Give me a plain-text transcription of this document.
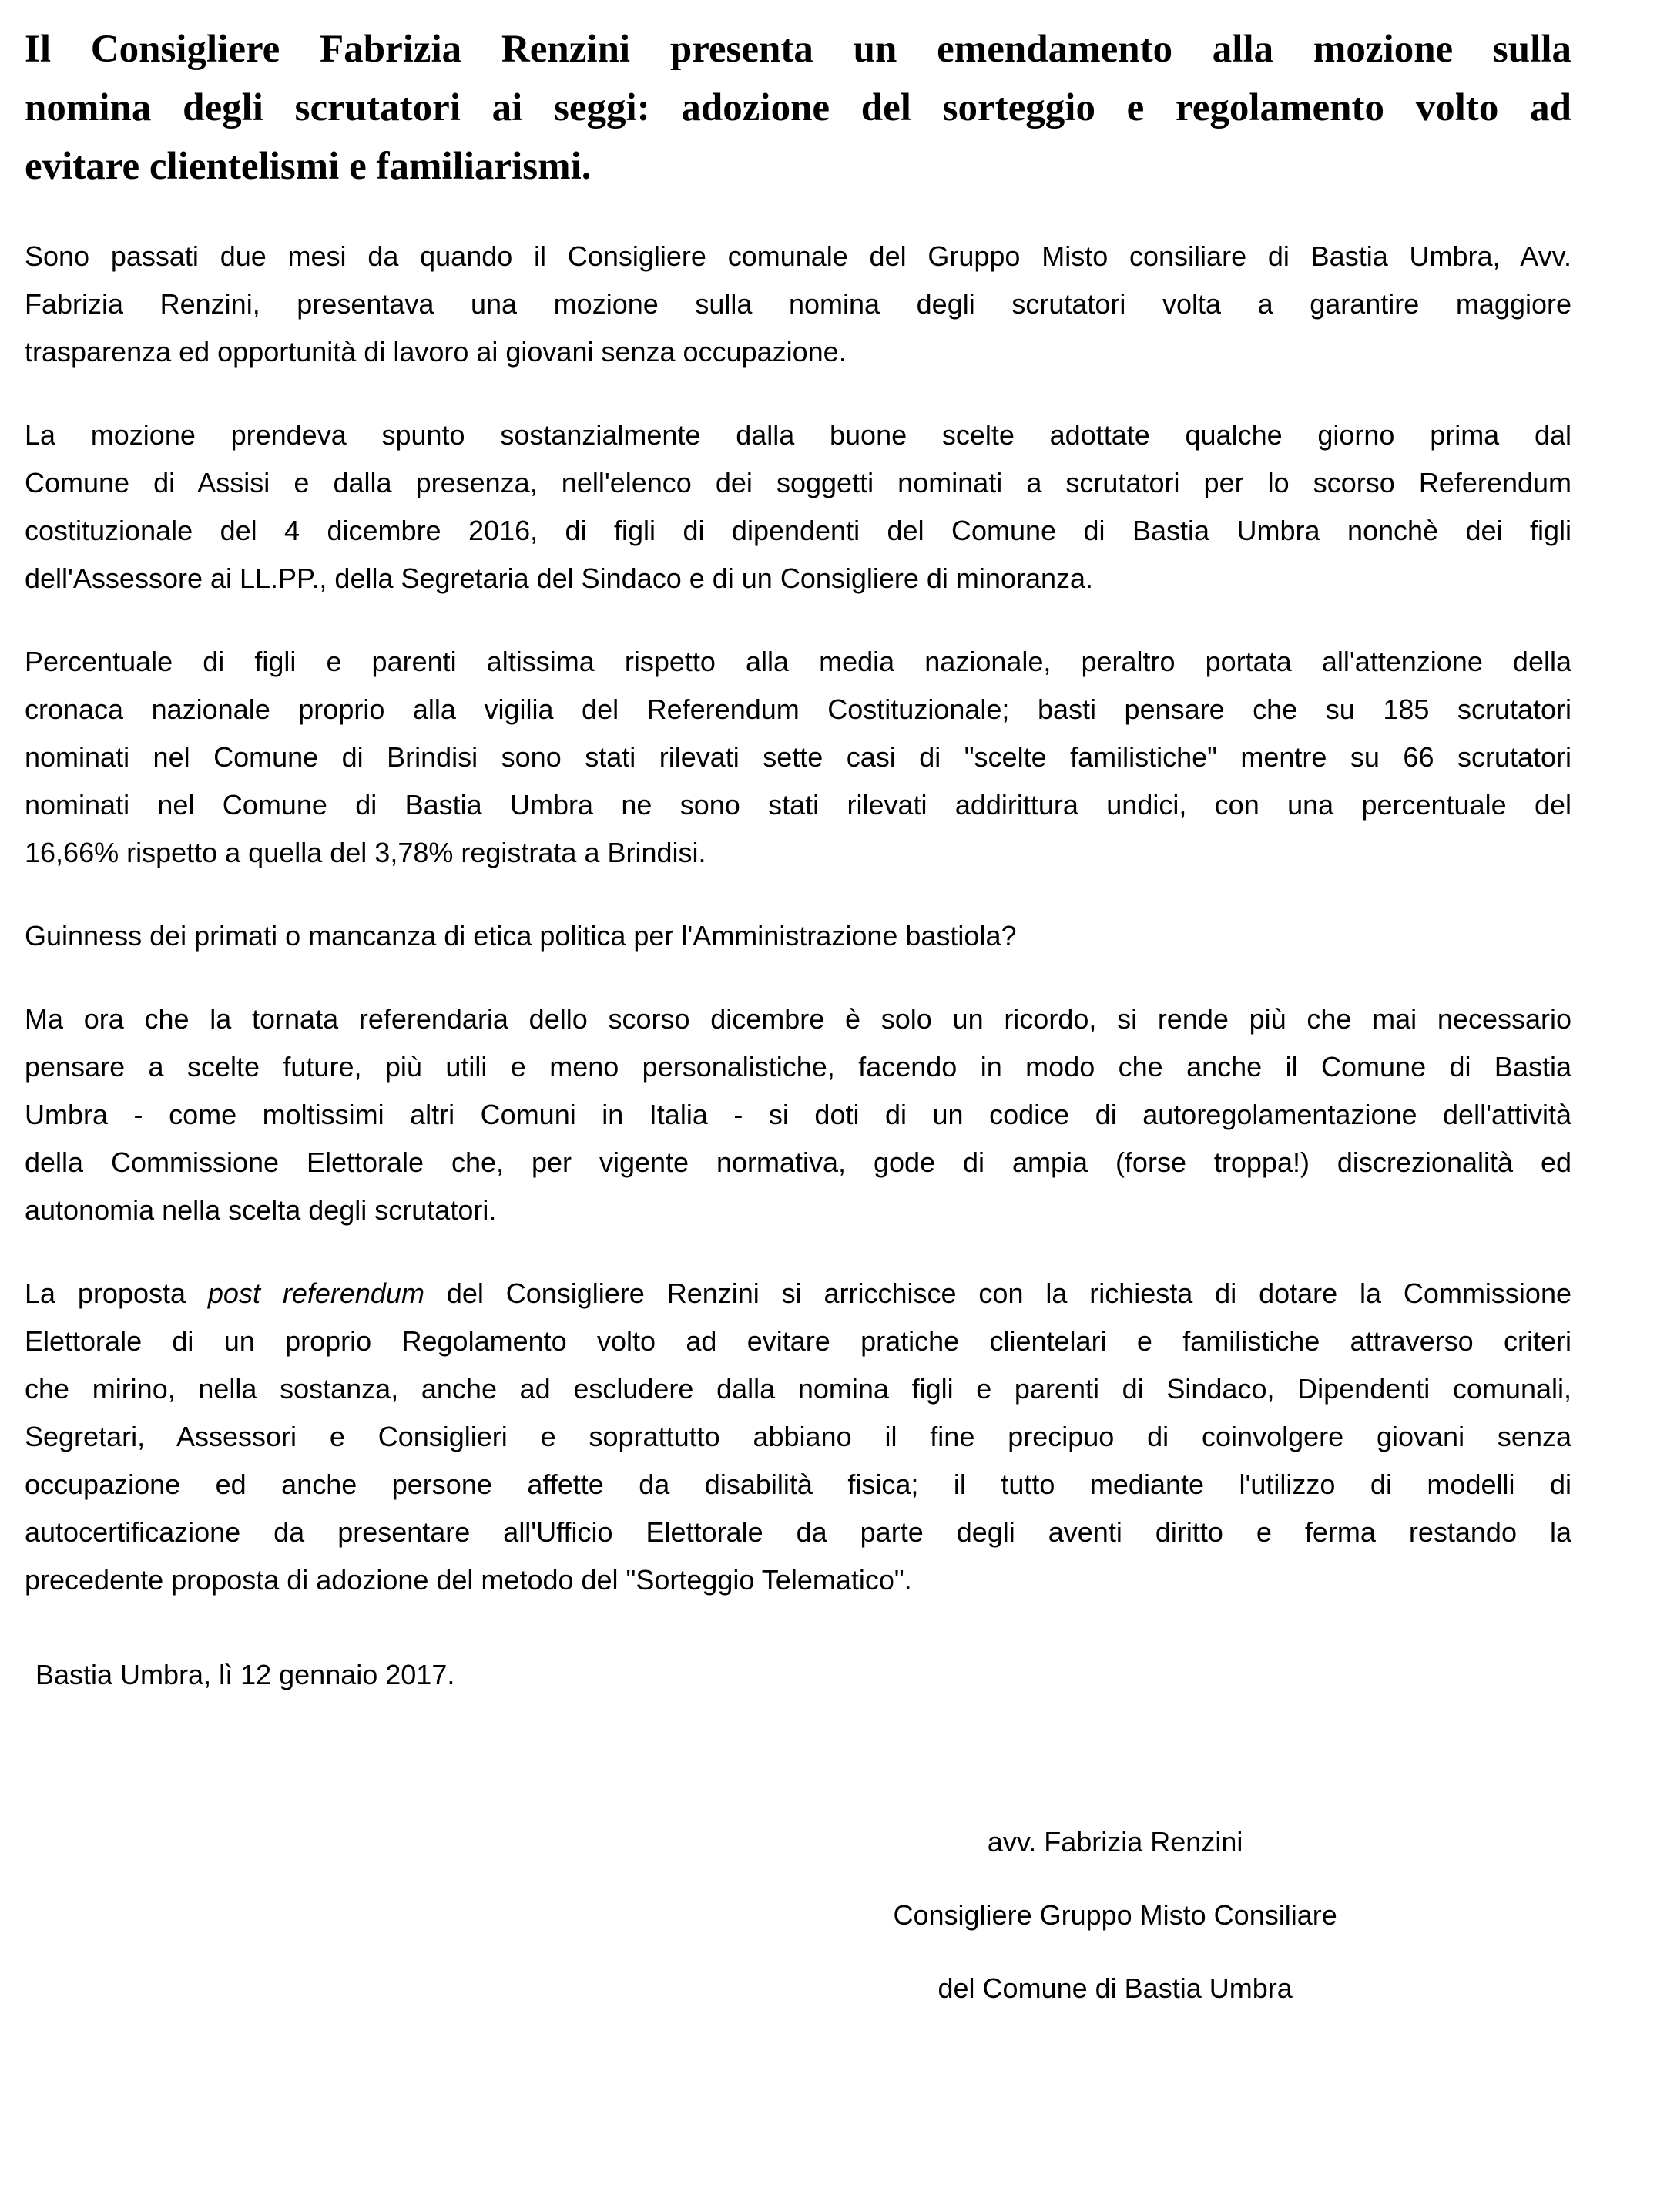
Il Consigliere Fabrizia Renzini presenta un emendamento alla mozione sulla
nomina degli scrutatori ai seggi: adozione del sorteggio e regolamento volto ad
evitare clientelismi e familiarismi.
Sono passati due mesi da quando il Consigliere comunale del Gruppo Misto consiliare di Bastia Umbra, Avv.
Fabrizia Renzini, presentava una mozione sulla nomina degli scrutatori volta a garantire maggiore
trasparenza ed opportunità di lavoro ai giovani senza occupazione.
La mozione prendeva spunto sostanzialmente dalla buone scelte adottate qualche giorno prima dal
Comune di Assisi e dalla presenza, nell'elenco dei soggetti nominati a scrutatori per lo scorso Referendum
costituzionale del 4 dicembre 2016, di figli di dipendenti del Comune di Bastia Umbra nonchè dei figli
dell'Assessore ai LL.PP., della Segretaria del Sindaco e di un Consigliere di minoranza.
Percentuale di figli e parenti altissima rispetto alla media nazionale, peraltro portata all'attenzione della
cronaca nazionale proprio alla vigilia del Referendum Costituzionale; basti pensare che su 185 scrutatori
nominati nel Comune di Brindisi sono stati rilevati sette casi di "scelte familistiche" mentre su 66 scrutatori
nominati nel Comune di Bastia Umbra ne sono stati rilevati addirittura undici, con una percentuale del
16,66% rispetto a quella del 3,78% registrata a Brindisi.
Guinness dei primati o mancanza di etica politica per l'Amministrazione bastiola?
Ma ora che la tornata referendaria dello scorso dicembre è solo un ricordo, si rende più che mai necessario
pensare a scelte future, più utili e meno personalistiche, facendo in modo che anche il Comune di Bastia
Umbra - come moltissimi altri Comuni in Italia - si doti di un codice di autoregolamentazione dell'attività
della Commissione Elettorale che, per vigente normativa, gode di ampia (forse troppa!) discrezionalità ed
autonomia nella scelta degli scrutatori.
La proposta post referendum del Consigliere Renzini si arricchisce con la richiesta di dotare la Commissione
Elettorale di un proprio Regolamento volto ad evitare pratiche clientelari e familistiche attraverso criteri
che mirino, nella sostanza, anche ad escludere dalla nomina figli e parenti di Sindaco, Dipendenti comunali,
Segretari, Assessori e Consiglieri e soprattutto abbiano il fine precipuo di coinvolgere giovani senza
occupazione ed anche persone affette da disabilità fisica; il tutto mediante l'utilizzo di modelli di
autocertificazione da presentare all'Ufficio Elettorale da parte degli aventi diritto e ferma restando la
precedente proposta di adozione del metodo del "Sorteggio Telematico".
Bastia Umbra, lì 12 gennaio 2017.
avv. Fabrizia Renzini
Consigliere Gruppo Misto Consiliare
del Comune di Bastia Umbra
